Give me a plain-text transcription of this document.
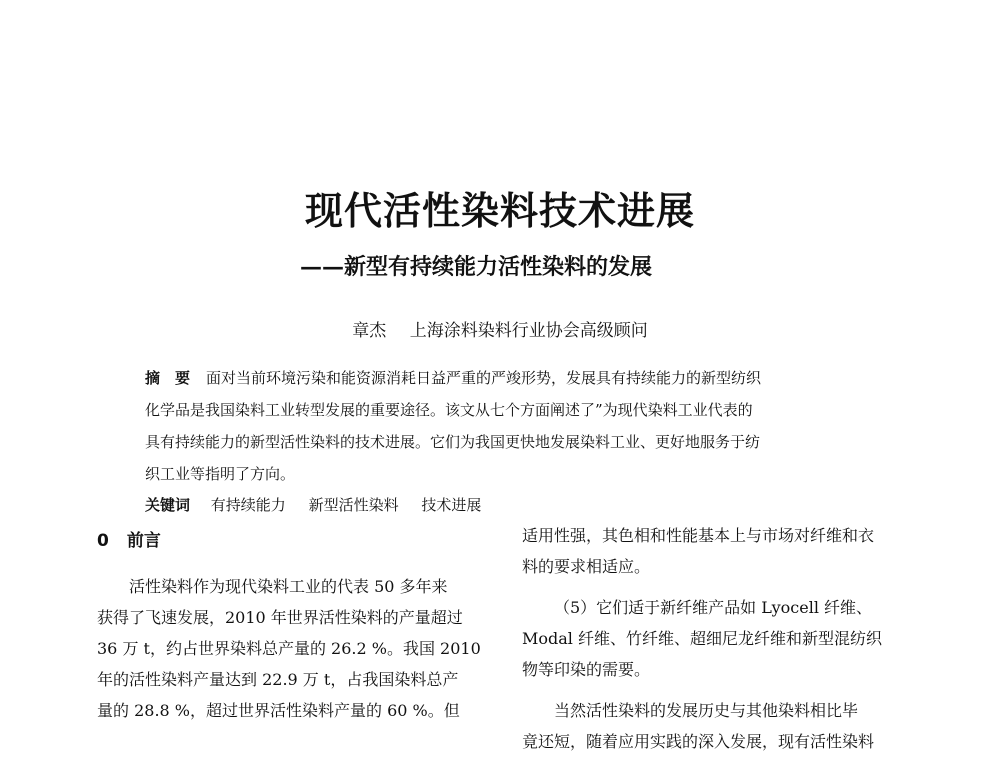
现代活性染料技术进展
——新型有持续能力活性染料的发展
章杰 上海涂料染料行业协会高级顾问
摘　要 面对当前环境污染和能资源消耗日益严重的严竣形势，发展具有持续能力的新型纺织
化学品是我国染料工业转型发展的重要途径。该文从七个方面阐述了”为现代染料工业代表的
具有持续能力的新型活性染料的技术进展。它们为我国更快地发展染料工业、更好地服务于纺
织工业等指明了方向。
关键词 有持续能力 新型活性染料 技术进展
0 前言
活性染料作为现代染料工业的代表 50 多年来
获得了飞速发展，2010 年世界活性染料的产量超过
36 万 t，约占世界染料总产量的 26.2 %。我国 2010
年的活性染料产量达到 22.9 万 t，占我国染料总产
量的 28.8 %，超过世界活性染料产量的 60 %。但
适用性强，其色相和性能基本上与市场对纤维和衣
料的要求相适应。
（5）它们适于新纤维产品如 Lyocell 纤维、
Modal 纤维、竹纤维、超细尼龙纤维和新型混纺织
物等印染的需要。
当然活性染料的发展历史与其他染料相比毕
竟还短，随着应用实践的深入发展，现有活性染料
